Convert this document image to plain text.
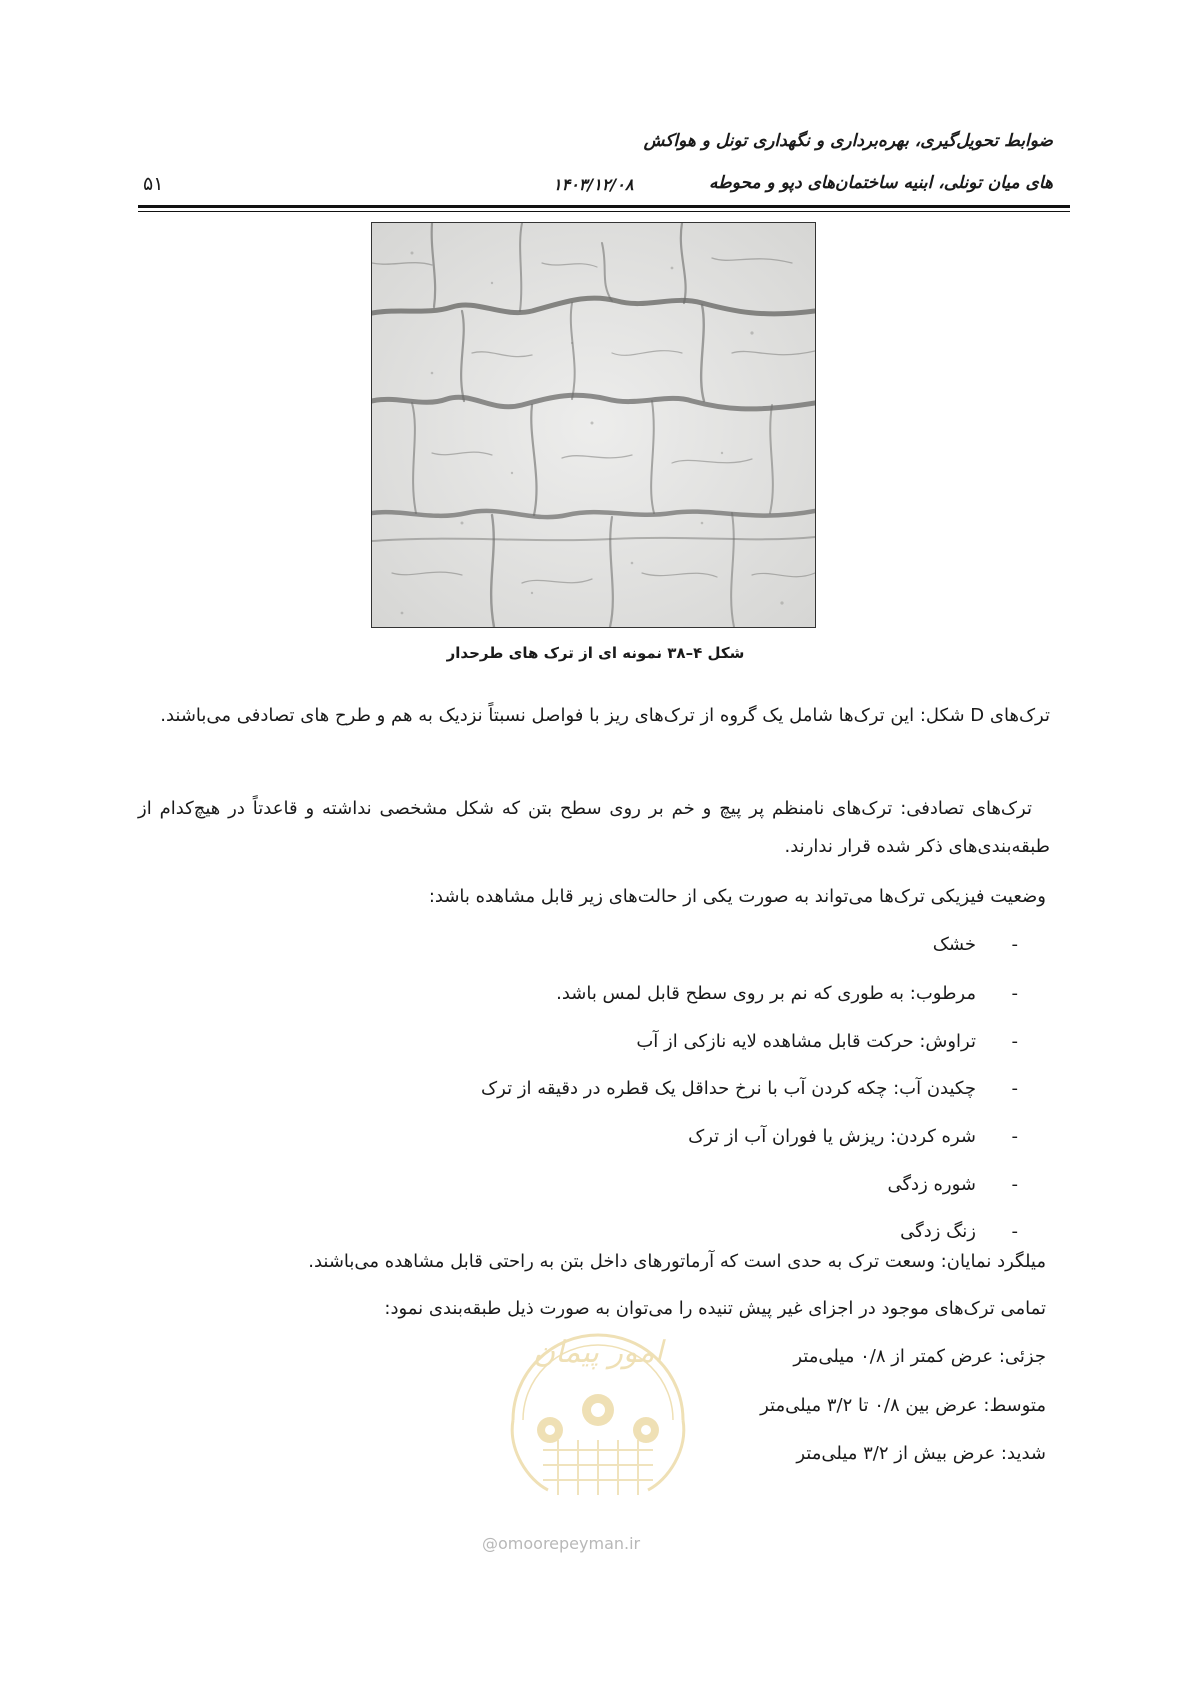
ضوابط تحویل‌گیری، بهره‌برداری و نگهداری تونل و هواکش
های میان تونلی، ابنیه ساختمان‌های دپو و محوطه
۱۴۰۳/۱۲/۰۸
۵۱
شکل ۴–۳۸ نمونه ای از ترک های طرحدار
ترک‌های D شکل: این ترک‌ها شامل یک گروه از ترک‌های ریز با فواصل نسبتاً نزدیک به هم و طرح های تصادفی می‌باشند.
ترک‌های تصادفی: ترک‌های نامنظم پر پیچ و خم بر روی سطح بتن که شکل مشخصی نداشته و قاعدتاً در هیچ‌کدام از طبقه‌بندی‌های ذکر شده قرار ندارند.
وضعیت فیزیکی ترک‌ها می‌تواند به صورت یکی از حالت‌های زیر قابل مشاهده باشد:
-خشک
-مرطوب: به طوری که نم بر روی سطح قابل لمس باشد.
-تراوش: حرکت قابل مشاهده لایه نازکی از آب
-چکیدن آب: چکه کردن آب با نرخ حداقل یک قطره در دقیقه از ترک
-شره کردن: ریزش یا فوران آب از ترک
-شوره زدگی
-زنگ زدگی
میلگرد نمایان: وسعت ترک به حدی است که آرماتورهای داخل بتن به راحتی قابل مشاهده می‌باشند.
تمامی ترک‌های موجود در اجزای غیر پیش تنیده را می‌توان به صورت ذیل طبقه‌بندی نمود:
جزئی: عرض کمتر از ۰/۸ میلی‌متر
متوسط: عرض بین ۰/۸ تا ۳/۲ میلی‌متر
شدید: عرض بیش از ۳/۲ میلی‌متر
امور پیمان
@omoorepeyman.ir
